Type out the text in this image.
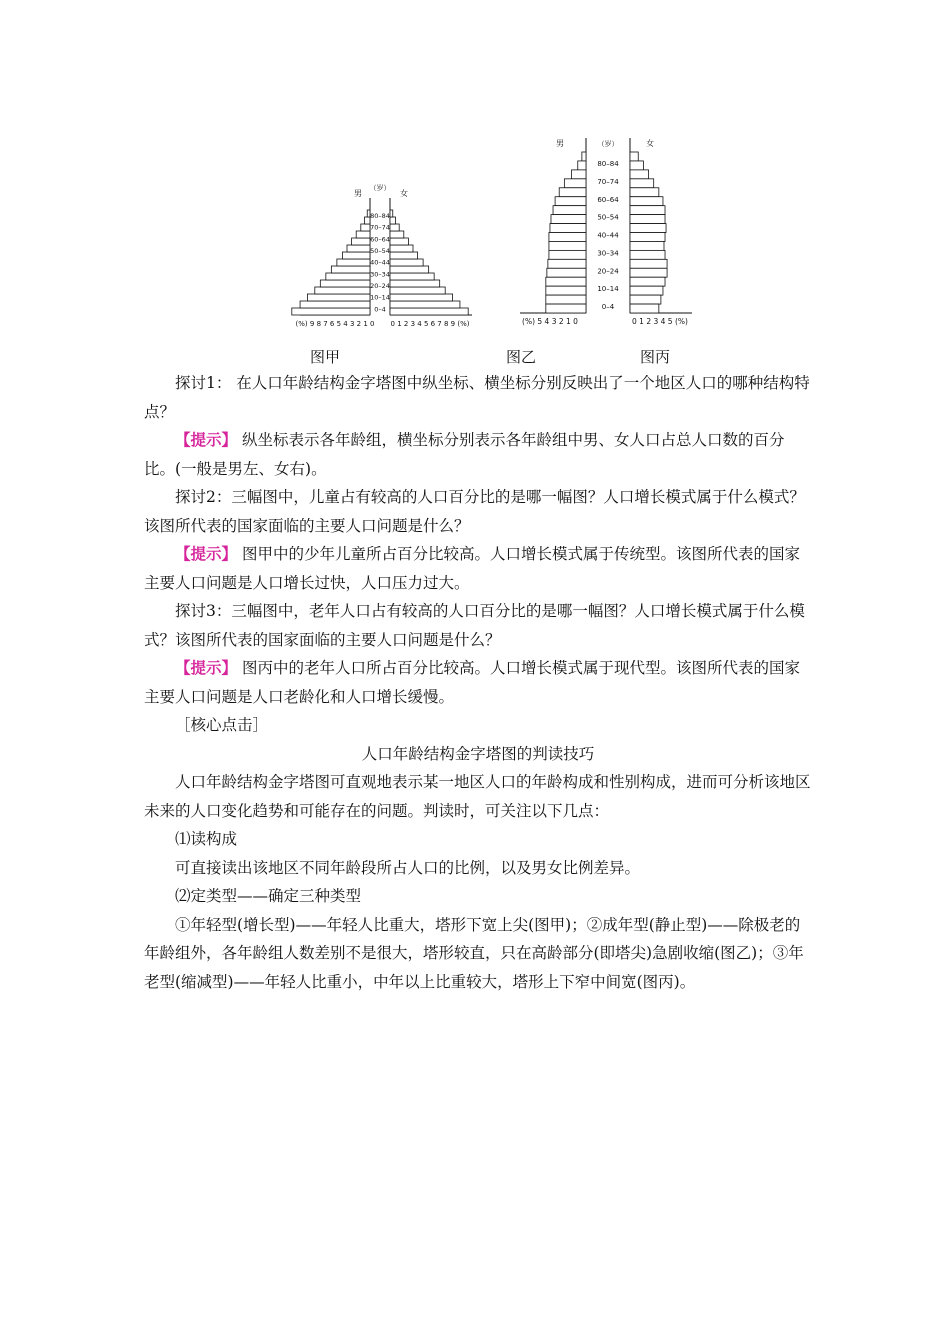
80–84
70–74
60–64
50–54
40–44
30–34
20–24
10–14
0–4
男	女
（岁）
(%) 9 8 7 6 5 4 3 2 1 0 0 1 2 3 4 5 6 7 8 9 (%)
80–84
70–74
60–64
50–54
40–44
30–34
20–24
10–14
0–4
男	（岁）
(%) 5 4 3 2 1 0
女
0 1 2 3 4 5 (%)
图甲	图乙	图丙

探讨1： 在人口年龄结构金字塔图中纵坐标、横坐标分别反映出了一个地区人口的哪种结构特点？

【提示】 纵坐标表示各年龄组，横坐标分别表示各年龄组中男、女人口占总人口数的百分比。(一般是男左、女右)。

探讨2：三幅图中，儿童占有较高的人口百分比的是哪一幅图？人口增长模式属于什么模式？该图所代表的国家面临的主要人口问题是什么？

【提示】 图甲中的少年儿童所占百分比较高。人口增长模式属于传统型。该图所代表的国家主要人口问题是人口增长过快，人口压力过大。

探讨3：三幅图中，老年人口占有较高的人口百分比的是哪一幅图？人口增长模式属于什么模式？该图所代表的国家面临的主要人口问题是什么？

【提示】 图丙中的老年人口所占百分比较高。人口增长模式属于现代型。该图所代表的国家主要人口问题是人口老龄化和人口增长缓慢。

［核心点击］

人口年龄结构金字塔图的判读技巧

人口年龄结构金字塔图可直观地表示某一地区人口的年龄构成和性别构成，进而可分析该地区未来的人口变化趋势和可能存在的问题。判读时，可关注以下几点：

⑴读构成

可直接读出该地区不同年龄段所占人口的比例，以及男女比例差异。

⑵定类型——确定三种类型

①年轻型(增长型)——年轻人比重大，塔形下宽上尖(图甲)；②成年型(静止型)——除极老的年龄组外，各年龄组人数差别不是很大，塔形较直，只在高龄部分(即塔尖)急剧收缩(图乙)；③年老型(缩减型)——年轻人比重小，中年以上比重较大，塔形上下窄中间宽(图丙)。
